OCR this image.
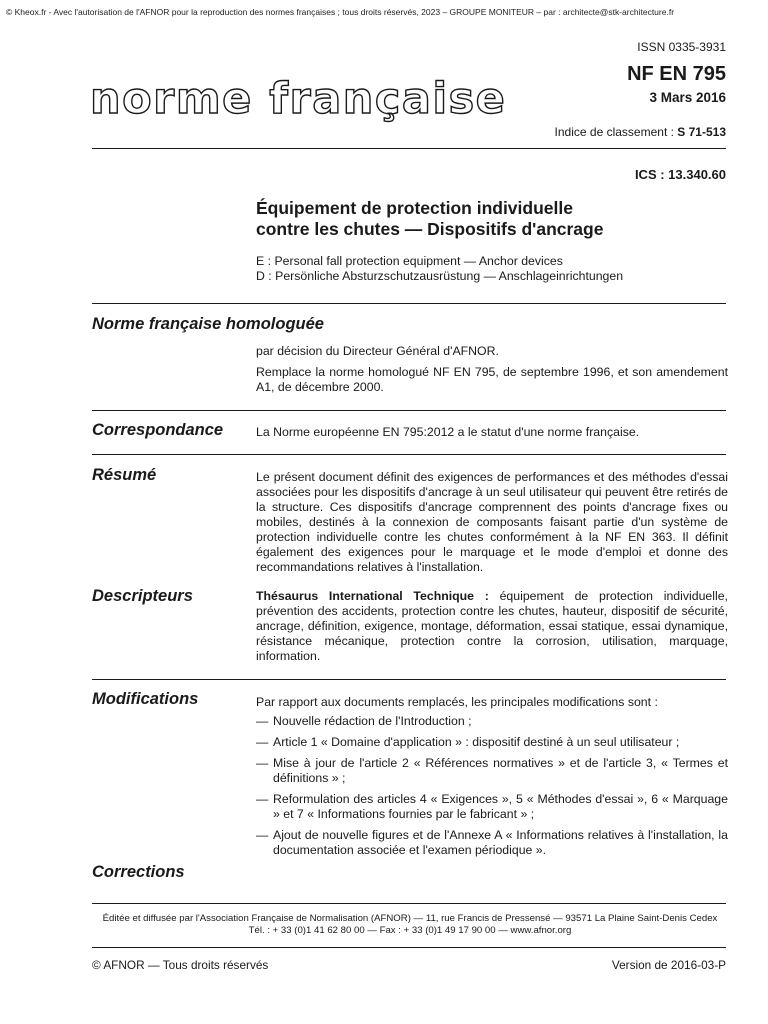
© Kheox.fr - Avec l'autorisation de l'AFNOR pour la reproduction des normes françaises ; tous droits réservés, 2023 – GROUPE MONITEUR – par : architecte@stk-architecture.fr
ISSN 0335-3931
norme française	NF EN 795
3 Mars 2016
Indice de classement : S 71-513
ICS : 13.340.60
Équipement de protection individuelle
contre les chutes — Dispositifs d'ancrage
E : Personal fall protection equipment — Anchor devices
D : Persönliche Absturzschutzausrüstung — Anschlageinrichtungen
Norme française homologuée
par décision du Directeur Général d'AFNOR.
Remplace la norme homologué NF EN 795, de septembre 1996, et son amendement A1, de décembre 2000.
Correspondance	La Norme européenne EN 795:2012 a le statut d'une norme française.
Résumé	Le présent document définit des exigences de performances et des méthodes d'essai associées pour les dispositifs d'ancrage à un seul utilisateur qui peuvent être retirés de la structure. Ces dispositifs d'ancrage comprennent des points d'ancrage fixes ou mobiles, destinés à la connexion de composants faisant partie d'un système de protection individuelle contre les chutes conformément à la NF EN 363. Il définit également des exigences pour le marquage et le mode d'emploi et donne des recommandations relatives à l'installation.
Descripteurs	Thésaurus International Technique : équipement de protection individuelle, prévention des accidents, protection contre les chutes, hauteur, dispositif de sécurité, ancrage, définition, exigence, montage, déformation, essai statique, essai dynamique, résistance mécanique, protection contre la corrosion, utilisation, marquage, information.
Modifications	Par rapport aux documents remplacés, les principales modifications sont :
— Nouvelle rédaction de l'Introduction ;
— Article 1 « Domaine d'application » : dispositif destiné à un seul utilisateur ;
— Mise à jour de l'article 2 « Références normatives » et de l'article 3, « Termes et définitions » ;
— Reformulation des articles 4 « Exigences », 5 « Méthodes d'essai », 6 « Marquage » et 7 « Informations fournies par le fabricant » ;
— Ajout de nouvelle figures et de l'Annexe A « Informations relatives à l'installation, la documentation associée et l'examen périodique ».
Corrections
Éditée et diffusée par l'Association Française de Normalisation (AFNOR) — 11, rue Francis de Pressensé — 93571 La Plaine Saint-Denis Cedex
Tél. : + 33 (0)1 41 62 80 00 — Fax : + 33 (0)1 49 17 90 00 — www.afnor.org
© AFNOR — Tous droits réservés	Version de 2016-03-P
